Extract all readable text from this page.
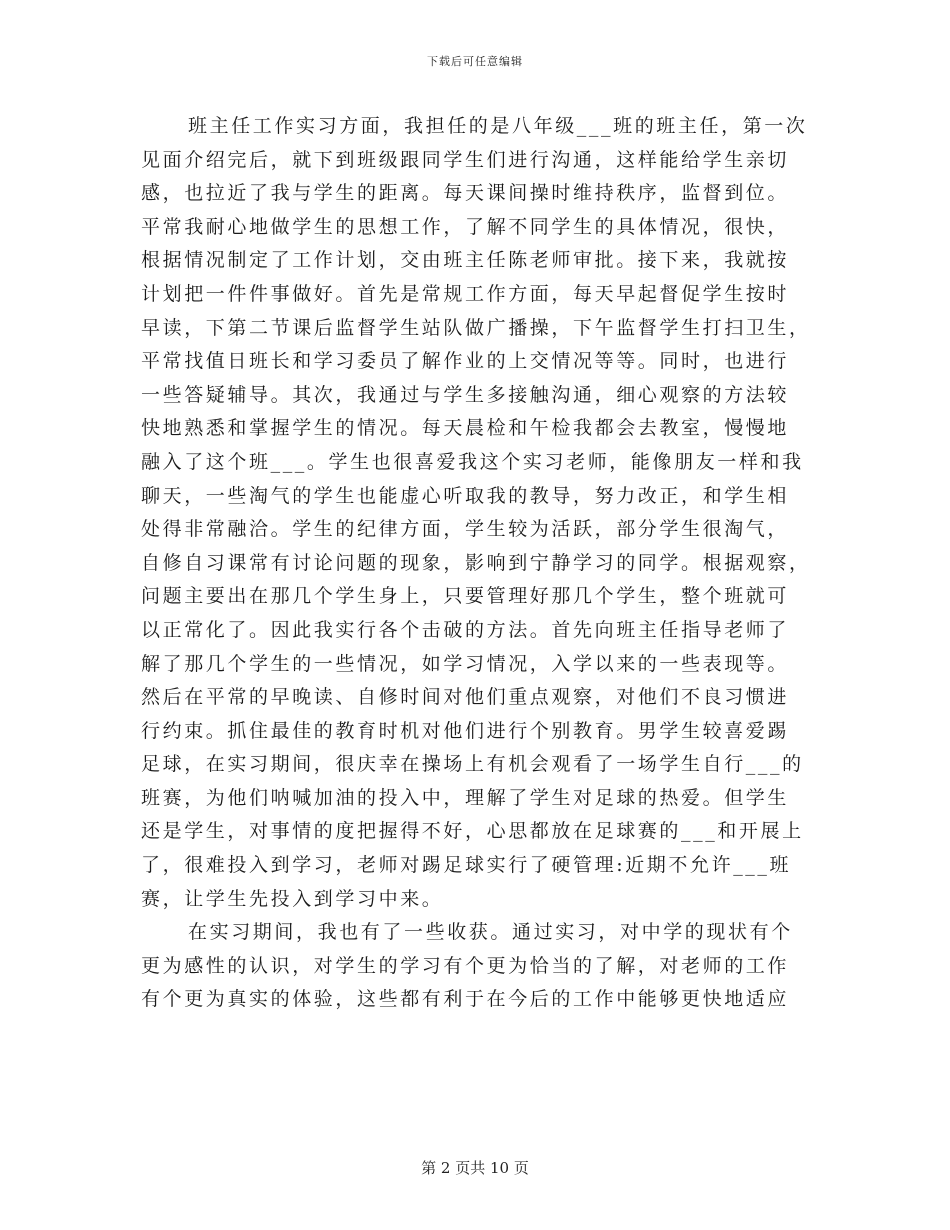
下载后可任意编辑
班主任工作实习方面，我担任的是八年级___班的班主任，第一次
见面介绍完后，就下到班级跟同学生们进行沟通，这样能给学生亲切
感，也拉近了我与学生的距离。每天课间操时维持秩序，监督到位。
平常我耐心地做学生的思想工作，了解不同学生的具体情况，很快，
根据情况制定了工作计划，交由班主任陈老师审批。接下来，我就按
计划把一件件事做好。首先是常规工作方面，每天早起督促学生按时
早读，下第二节课后监督学生站队做广播操，下午监督学生打扫卫生，
平常找值日班长和学习委员了解作业的上交情况等等。同时，也进行
一些答疑辅导。其次，我通过与学生多接触沟通，细心观察的方法较
快地熟悉和掌握学生的情况。每天晨检和午检我都会去教室，慢慢地
融入了这个班___。学生也很喜爱我这个实习老师，能像朋友一样和我
聊天，一些淘气的学生也能虚心听取我的教导，努力改正，和学生相
处得非常融洽。学生的纪律方面，学生较为活跃，部分学生很淘气，
自修自习课常有讨论问题的现象，影响到宁静学习的同学。根据观察，
问题主要出在那几个学生身上，只要管理好那几个学生，整个班就可
以正常化了。因此我实行各个击破的方法。首先向班主任指导老师了
解了那几个学生的一些情况，如学习情况，入学以来的一些表现等。
然后在平常的早晚读、自修时间对他们重点观察，对他们不良习惯进
行约束。抓住最佳的教育时机对他们进行个别教育。男学生较喜爱踢
足球，在实习期间，很庆幸在操场上有机会观看了一场学生自行___的
班赛，为他们呐喊加油的投入中，理解了学生对足球的热爱。但学生
还是学生，对事情的度把握得不好，心思都放在足球赛的___和开展上
了，很难投入到学习，老师对踢足球实行了硬管理:近期不允许___班
赛，让学生先投入到学习中来。
在实习期间，我也有了一些收获。通过实习，对中学的现状有个
更为感性的认识，对学生的学习有个更为恰当的了解，对老师的工作
有个更为真实的体验，这些都有利于在今后的工作中能够更快地适应
第 2 页共 10 页
